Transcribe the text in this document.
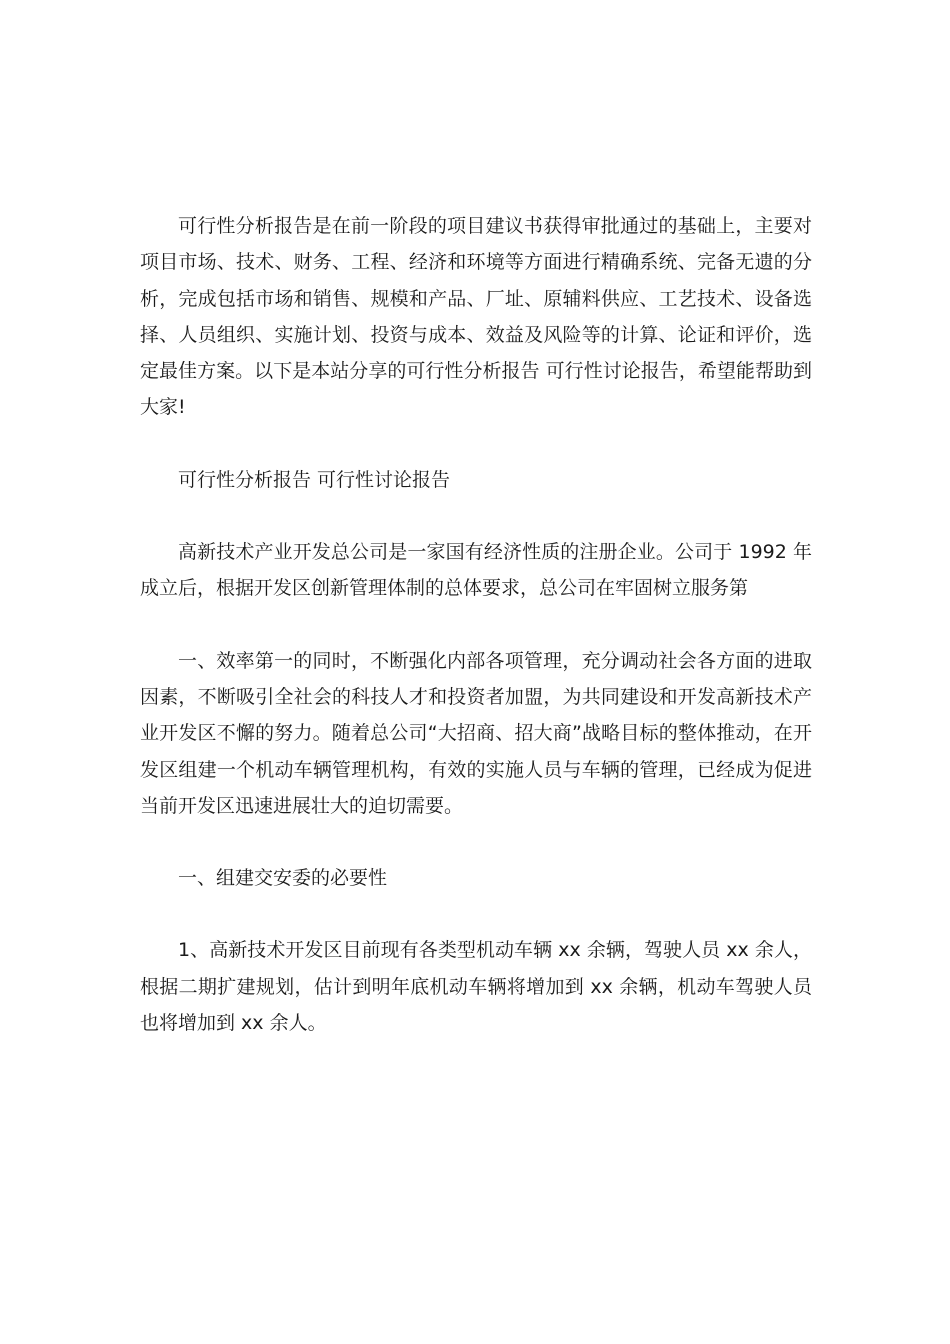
可行性分析报告是在前一阶段的项目建议书获得审批通过的基础上，主要对项目市场、技术、财务、工程、经济和环境等方面进行精确系统、完备无遗的分析，完成包括市场和销售、规模和产品、厂址、原辅料供应、工艺技术、设备选择、人员组织、实施计划、投资与成本、效益及风险等的计算、论证和评价，选定最佳方案。以下是本站分享的可行性分析报告 可行性讨论报告，希望能帮助到大家!

可行性分析报告 可行性讨论报告

高新技术产业开发总公司是一家国有经济性质的注册企业。公司于 1992 年成立后，根据开发区创新管理体制的总体要求，总公司在牢固树立服务第

一、效率第一的同时，不断强化内部各项管理，充分调动社会各方面的进取因素，不断吸引全社会的科技人才和投资者加盟，为共同建设和开发高新技术产业开发区不懈的努力。随着总公司“大招商、招大商”战略目标的整体推动，在开发区组建一个机动车辆管理机构，有效的实施人员与车辆的管理，已经成为促进当前开发区迅速进展壮大的迫切需要。

一、组建交安委的必要性

1、高新技术开发区目前现有各类型机动车辆 xx 余辆，驾驶人员 xx 余人，根据二期扩建规划，估计到明年底机动车辆将增加到 xx 余辆，机动车驾驶人员也将增加到 xx 余人。
